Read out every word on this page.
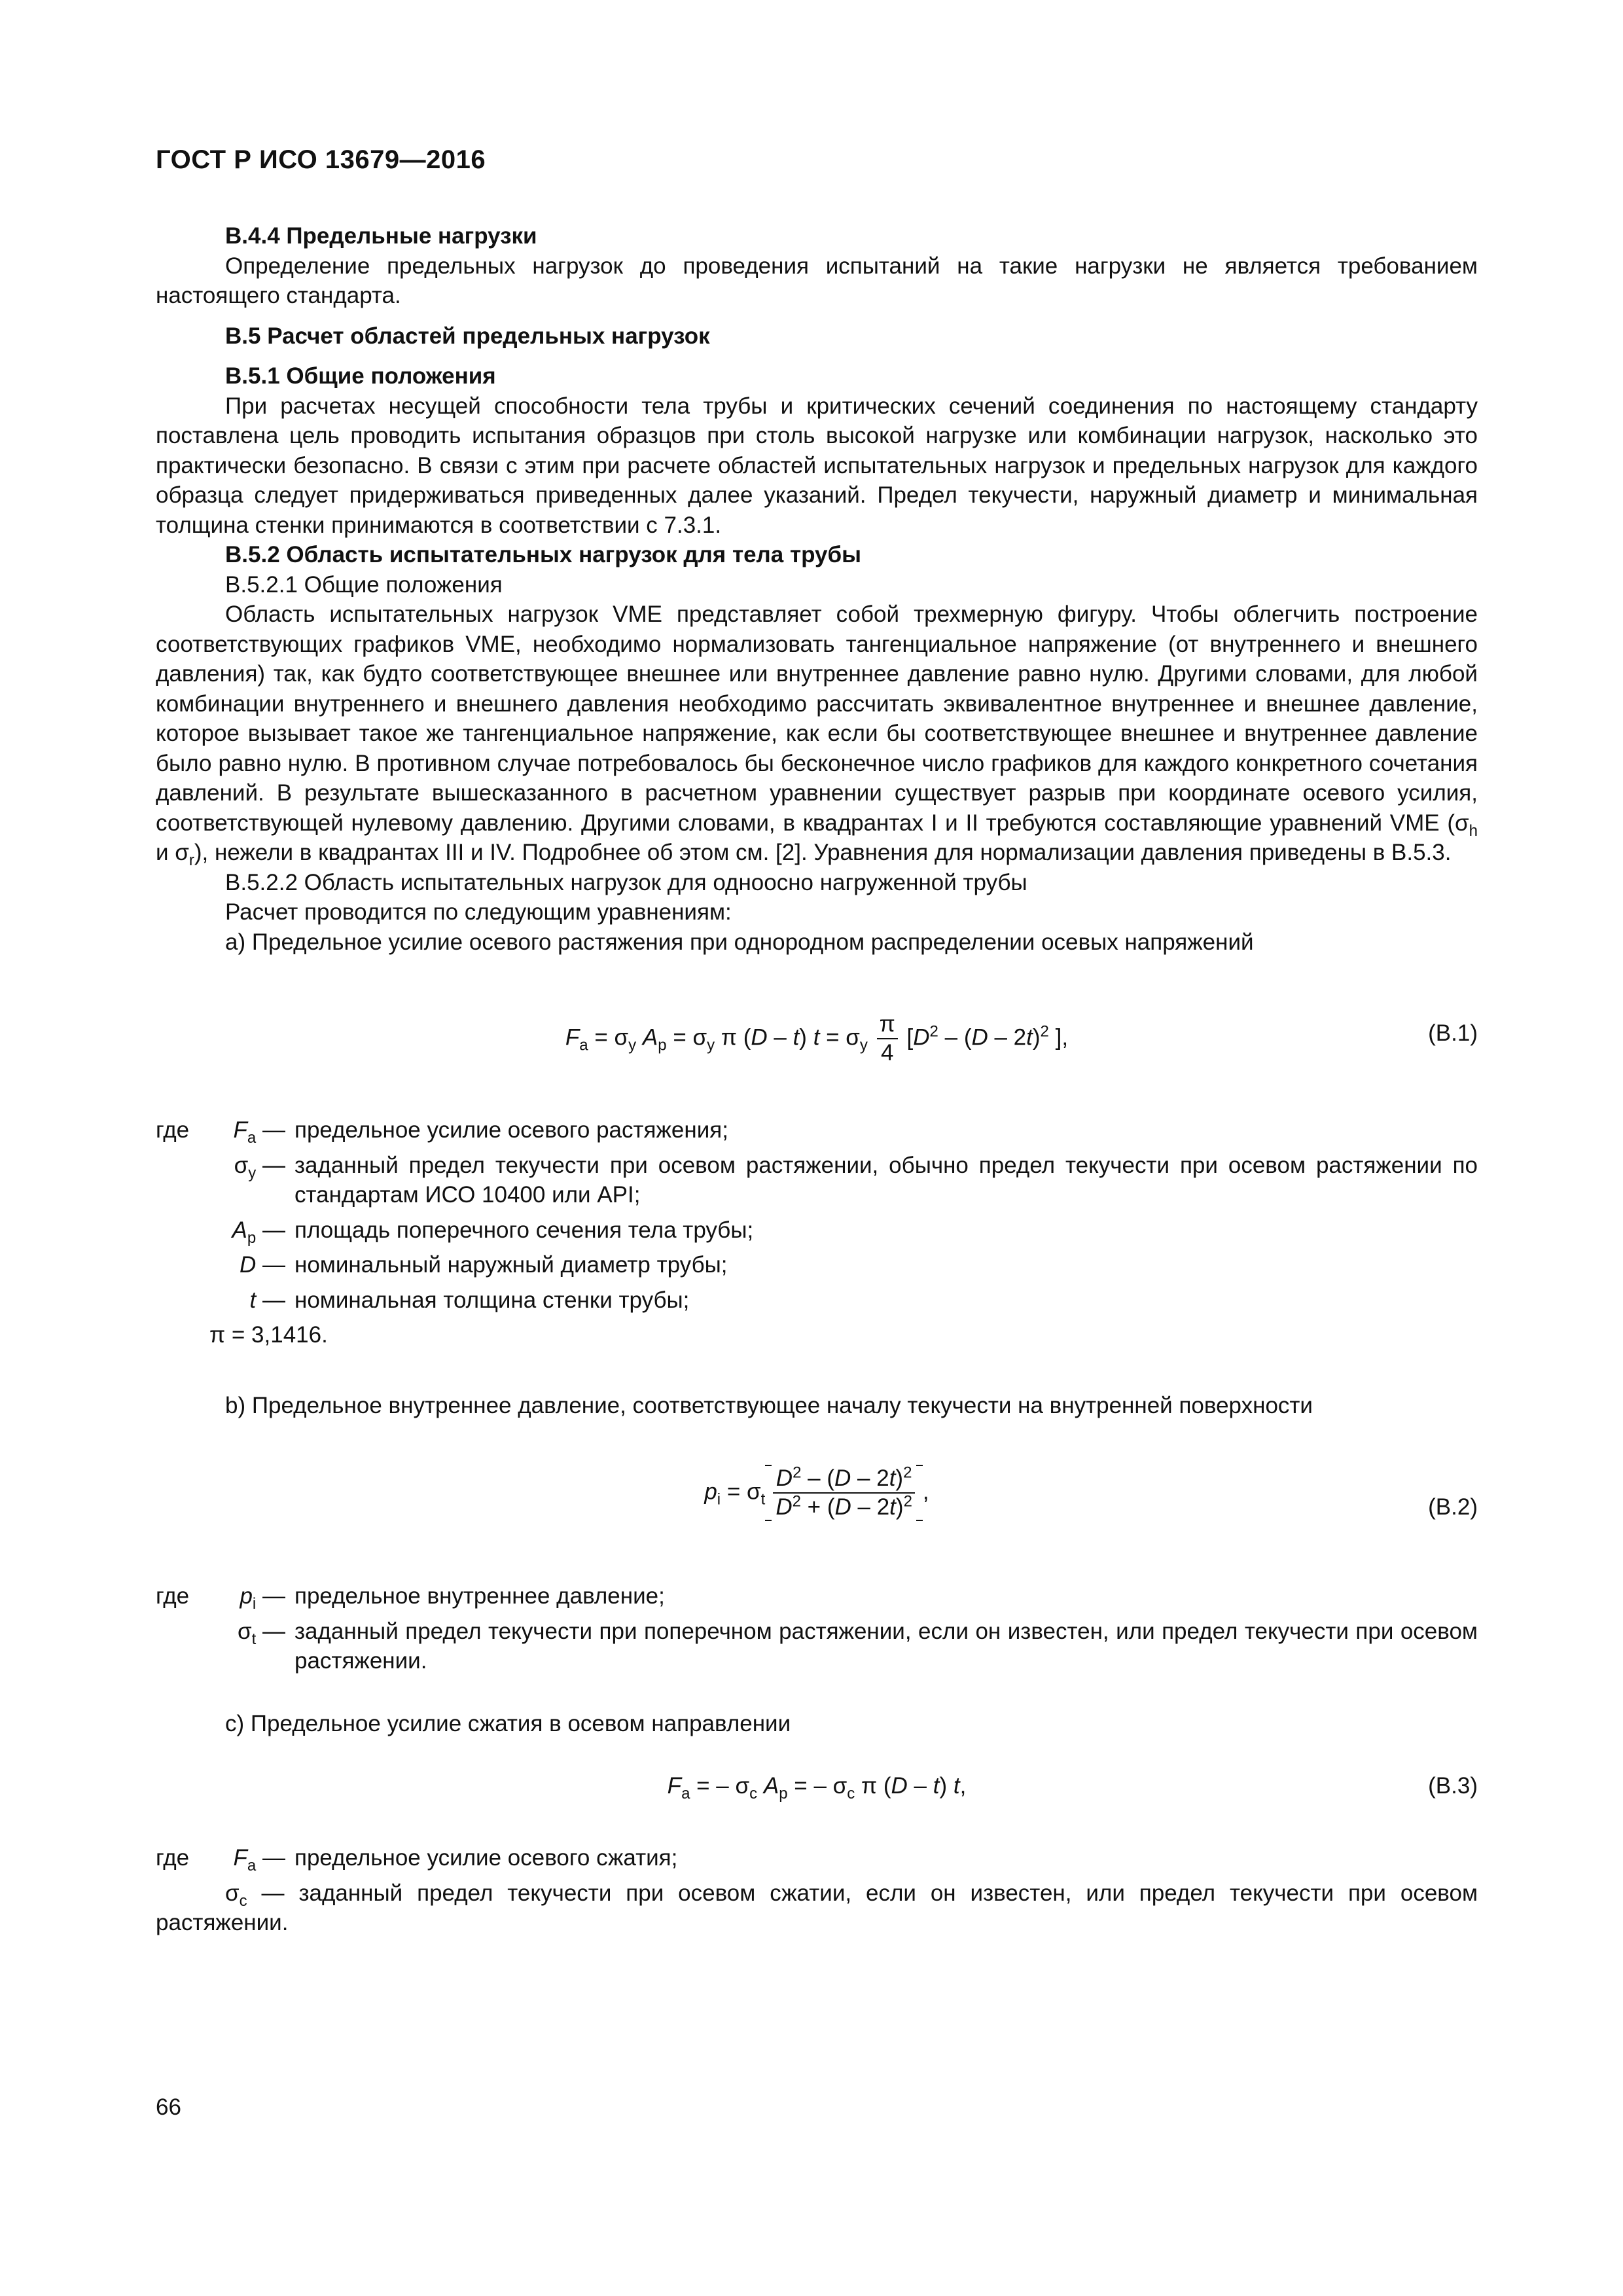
ГОСТ Р ИСО 13679—2016

B.4.4 Предельные нагрузки

Определение предельных нагрузок до проведения испытаний на такие нагрузки не является требованием настоящего стандарта.

B.5 Расчет областей предельных нагрузок

B.5.1 Общие положения

При расчетах несущей способности тела трубы и критических сечений соединения по настоящему стандарту поставлена цель проводить испытания образцов при столь высокой нагрузке или комбинации нагрузок, насколько это практически безопасно. В связи с этим при расчете областей испытательных нагрузок и предельных нагрузок для каждого образца следует придерживаться приведенных далее указаний. Предел текучести, наружный диаметр и минимальная толщина стенки принимаются в соответствии с 7.3.1.

B.5.2 Область испытательных нагрузок для тела трубы

B.5.2.1 Общие положения

Область испытательных нагрузок VME представляет собой трехмерную фигуру. Чтобы облегчить построение соответствующих графиков VME, необходимо нормализовать тангенциальное напряжение (от внутреннего и внешнего давления) так, как будто соответствующее внешнее или внутреннее давление равно нулю. Другими словами, для любой комбинации внутреннего и внешнего давления необходимо рассчитать эквивалентное внутреннее и внешнее давление, которое вызывает такое же тангенциальное напряжение, как если бы соответствующее внешнее и внутреннее давление было равно нулю. В противном случае потребовалось бы бесконечное число графиков для каждого конкретного сочетания давлений. В результате вышесказанного в расчетном уравнении существует разрыв при координате осевого усилия, соответствующей нулевому давлению. Другими словами, в квадрантах I и II требуются составляющие уравнений VME ($\sigma_h$ и $\sigma_r$), нежели в квадрантах III и IV. Подробнее об этом см. [2]. Уравнения для нормализации давления приведены в B.5.3.

B.5.2.2 Область испытательных нагрузок для одноосно нагруженной трубы

Расчет проводится по следующим уравнениям:

a) Предельное усилие осевого растяжения при однородном распределении осевых напряжений

$F_a = \sigma_y$ $A_p = \sigma_y$ π (D – t) $t = \sigma_y \frac{\pi}{4} [D^2 - (D - 2t)^2$ ],	(B.1)
где $F_a$ — предельное усилие осевого растяжения;
$\sigma_y$ — заданный предел текучести при осевом растяжении, обычно предел текучести при осевом растяжении по стандартам ИСО 10400 или API;
$A_p$ — площадь поперечного сечения тела трубы;
D — номинальный наружный диаметр трубы;
t — номинальная толщина стенки трубы;
π = 3,1416.

b) Предельное внутреннее давление, соответствующее началу текучести на внутренней поверхности

$p_i = \sigma_t \frac{D^2 - (D - 2t)^2}{D^2 + (D - 2t)^2}$ ,
(B.2)
где $p_i$ — предельное внутреннее давление;
$\sigma_t$ — заданный предел текучести при поперечном растяжении, если он известен, или предел текучести при осевом растяжении.

c) Предельное усилие сжатия в осевом направлении

$F_a$ = – $\sigma_c$ $A_p$ = – $\sigma_c$ π (D – t) t,	(B.3)
где $F_a$ — предельное усилие осевого сжатия;

$\sigma_c$ — заданный предел текучести при осевом сжатии, если он известен, или предел текучести при осевом растяжении.

66
